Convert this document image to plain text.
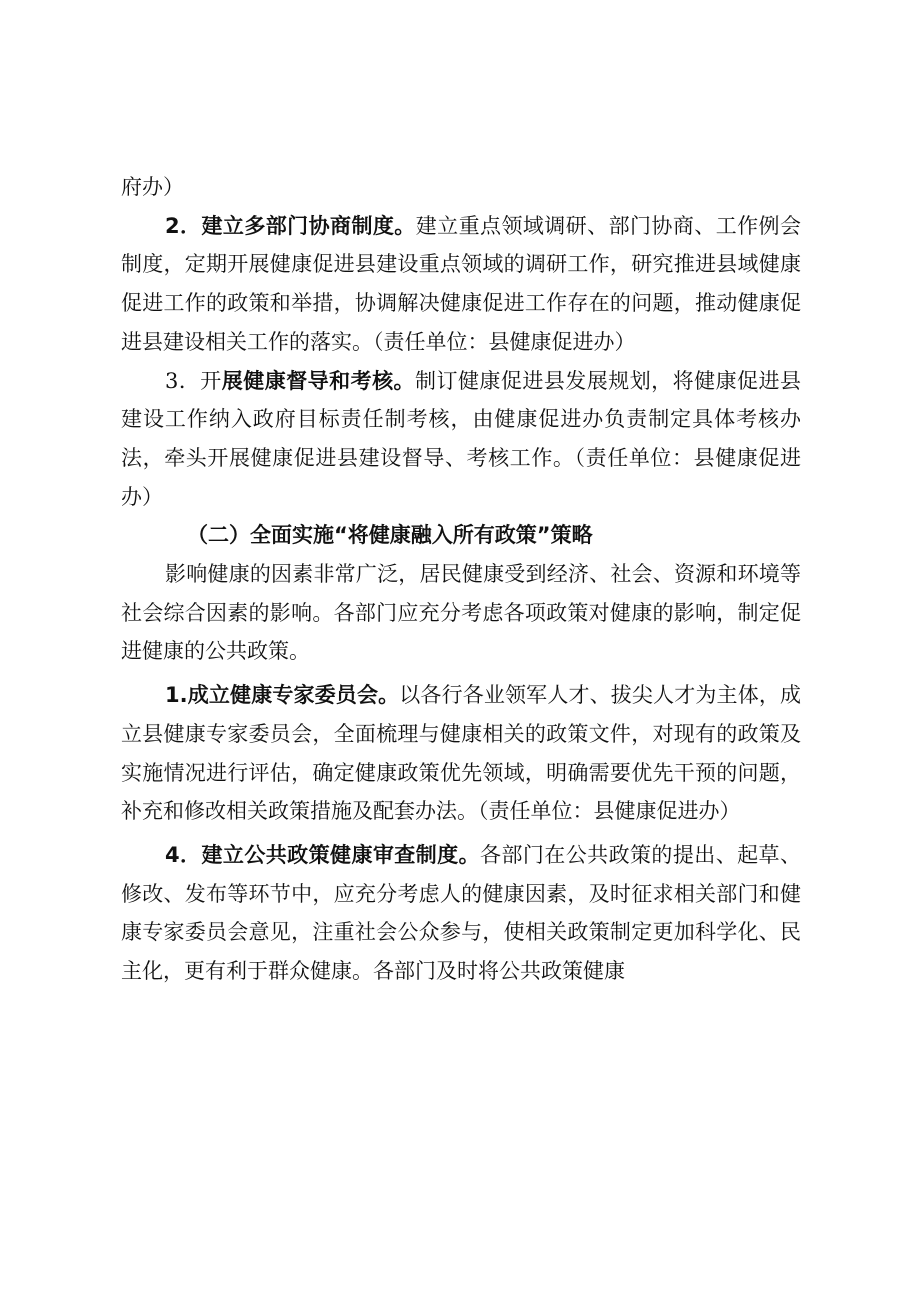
府办）

2．建立多部门协商制度。建立重点领域调研、部门协商、工作例会制度，定期开展健康促进县建设重点领域的调研工作，研究推进县域健康促进工作的政策和举措，协调解决健康促进工作存在的问题，推动健康促进县建设相关工作的落实。（责任单位：县健康促进办）

3．开展健康督导和考核。制订健康促进县发展规划，将健康促进县建设工作纳入政府目标责任制考核，由健康促进办负责制定具体考核办法，牵头开展健康促进县建设督导、考核工作。（责任单位：县健康促进办）

（二）全面实施“将健康融入所有政策”策略

影响健康的因素非常广泛，居民健康受到经济、社会、资源和环境等社会综合因素的影响。各部门应充分考虑各项政策对健康的影响，制定促进健康的公共政策。

1.成立健康专家委员会。以各行各业领军人才、拔尖人才为主体，成立县健康专家委员会，全面梳理与健康相关的政策文件，对现有的政策及实施情况进行评估，确定健康政策优先领域，明确需要优先干预的问题，补充和修改相关政策措施及配套办法。（责任单位：县健康促进办）

4．建立公共政策健康审查制度。各部门在公共政策的提出、起草、修改、发布等环节中，应充分考虑人的健康因素，及时征求相关部门和健康专家委员会意见，注重社会公众参与，使相关政策制定更加科学化、民主化，更有利于群众健康。各部门及时将公共政策健康
